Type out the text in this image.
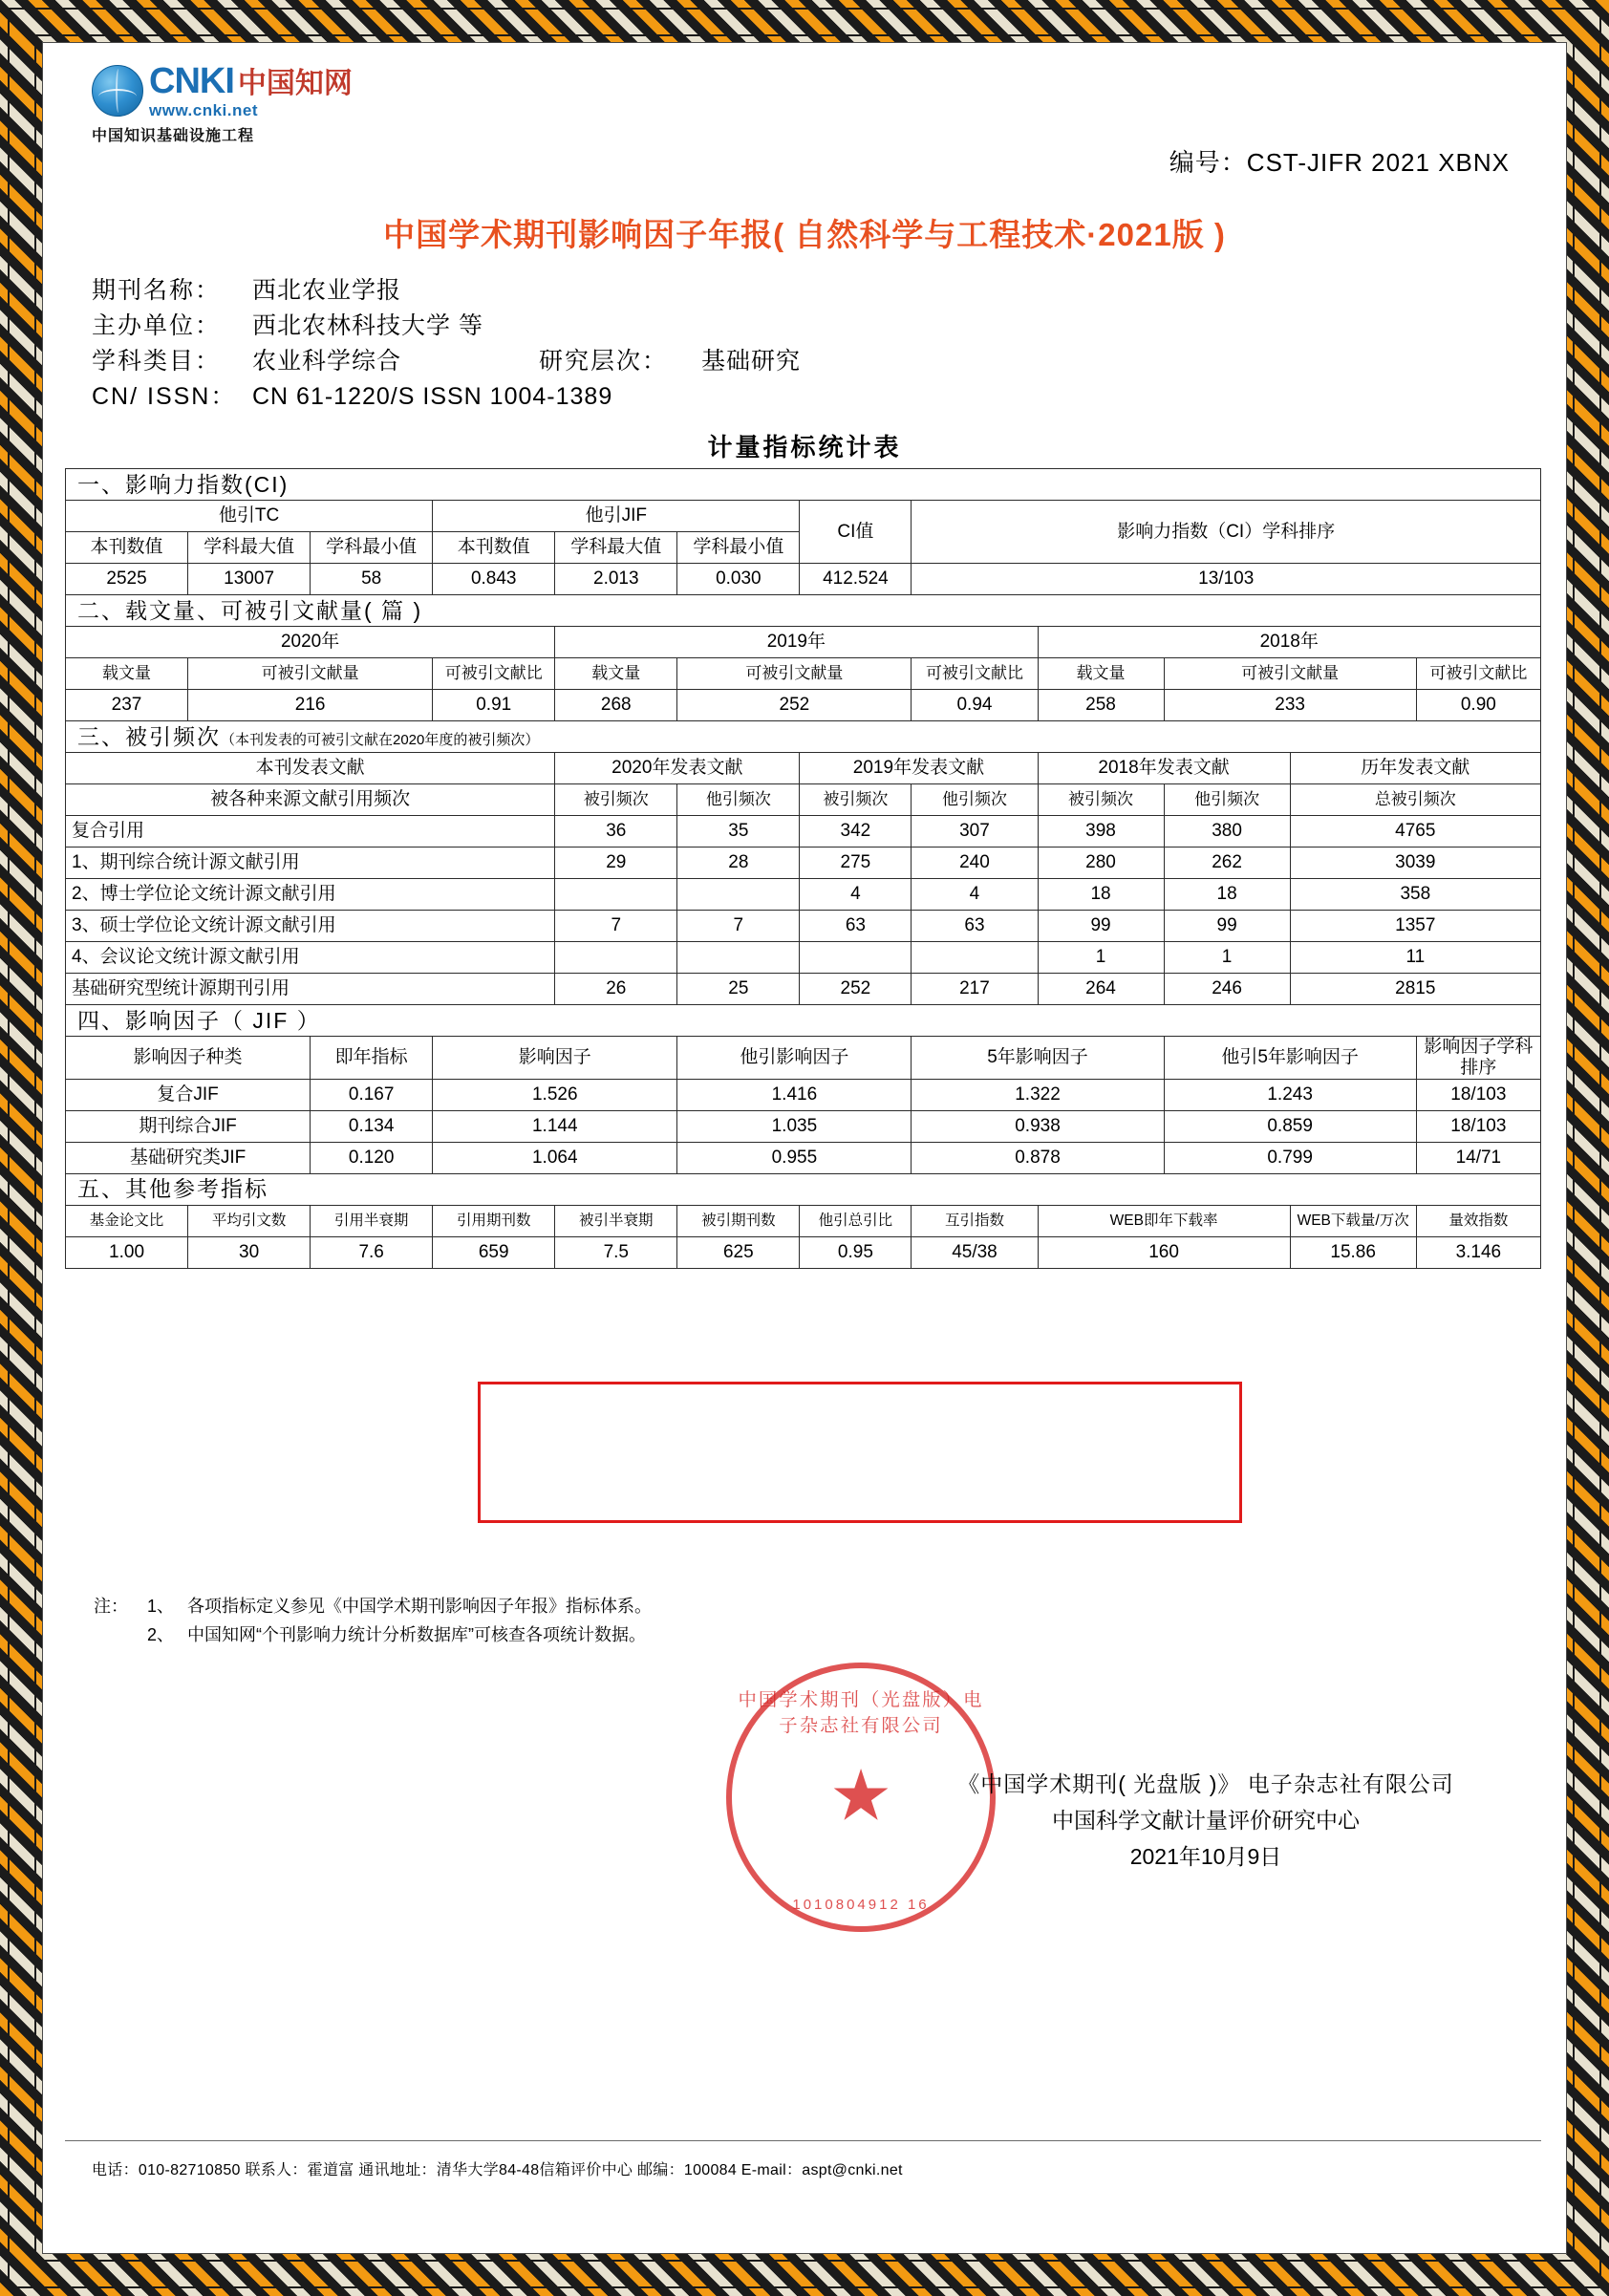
CNKI 中国知网
www.cnki.net
中国知识基础设施工程
编号：CST-JIFR 2021 XBNX
中国学术期刊影响因子年报( 自然科学与工程技术·2021版 )
期刊名称：	西北农业学报
主办单位：	西北农林科技大学 等
学科类目：	农业科学综合	研究层次：	基础研究
CN/ ISSN： CN 61-1220/S ISSN 1004-1389
计量指标统计表
一、影响力指数(CI)											
他引TC			他引JIF			CI值	影响力指数（CI）学科排序				
本刊数值	学科最大值	学科最小值	本刊数值	学科最大值	学科最小值						
2525	13007	58	0.843	2.013	0.030	412.524	13/103				
二、载文量、可被引文献量( 篇 )											
2020年				2019年				2018年			
载文量	可被引文献量		可被引文献比	载文量	可被引文献量		可被引文献比	载文量	可被引文献量		可被引文献比
237	216		0.91	268	252		0.94	258	233		0.90
三、被引频次（本刊发表的可被引文献在2020年度的被引频次）											
本刊发表文献				2020年发表文献		2019年发表文献		2018年发表文献		历年发表文献	
被各种来源文献引用频次				被引频次	他引频次	被引频次	他引频次	被引频次	他引频次	总被引频次	
复合引用				36	35	342	307	398	380	4765	
1、期刊综合统计源文献引用				29	28	275	240	280	262	3039	
2、博士学位论文统计源文献引用						4	4	18	18	358	
3、硕士学位论文统计源文献引用				7	7	63	63	99	99	1357	
4、会议论文统计源文献引用								1	1	11	
基础研究型统计源期刊引用				26	25	252	217	264	246	2815	
四、影响因子（ JIF ）											
影响因子种类		即年指标	影响因子		他引影响因子		5年影响因子		他引5年影响因子		影响因子学科排序
复合JIF		0.167	1.526		1.416		1.322		1.243		18/103
期刊综合JIF		0.134	1.144		1.035		0.938		0.859		18/103
基础研究类JIF		0.120	1.064		0.955		0.878		0.799		14/71
五、其他参考指标											
基金论文比	平均引文数	引用半衰期	引用期刊数	被引半衰期	被引期刊数	他引总引比	互引指数	WEB即年下载率		WEB下载量/万次	量效指数
1.00	30	7.6	659	7.5	625	0.95	45/38	160		15.86	3.146
注：	1、 各项指标定义参见《中国学术期刊影响因子年报》指标体系。
2、 中国知网“个刊影响力统计分析数据库”可核查各项统计数据。
中国学术期刊（光盘版）电子杂志社有限公司
★
1010804912 16
《中国学术期刊( 光盘版 )》 电子杂志社有限公司
中国科学文献计量评价研究中心
2021年10月9日
电话：010-82710850 联系人：霍道富 通讯地址：清华大学84-48信箱评价中心 邮编：100084 E-mail：aspt@cnki.net
